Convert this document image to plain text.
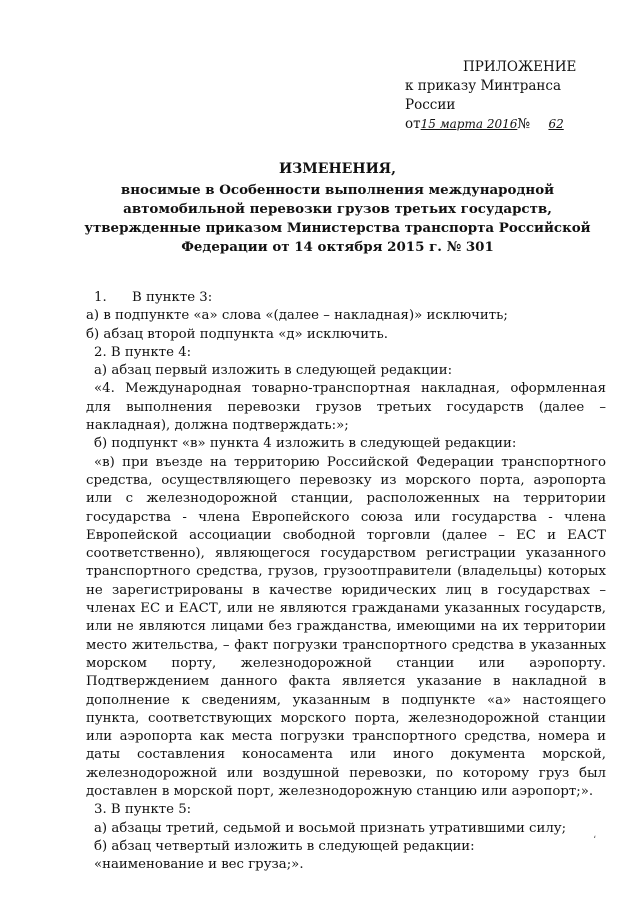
ПРИЛОЖЕНИЕ
к приказу Минтранса России
от15 марта 2016№ 62
ИЗМЕНЕНИЯ,
вносимые в Особенности выполнения международной автомобильной перевозки грузов третьих государств, утвержденные приказом Министерства транспорта Российской Федерации от 14 октября 2015 г. № 301

1. В пункте 3:

а) в подпункте «а» слова «(далее – накладная)» исключить;

б) абзац второй подпункта «д» исключить.

2. В пункте 4:

а) абзац первый изложить в следующей редакции:

«4. Международная товарно-транспортная накладная, оформленная для выполнения перевозки грузов третьих государств (далее – накладная), должна подтверждать:»;

б) подпункт «в» пункта 4 изложить в следующей редакции:

«в) при въезде на территорию Российской Федерации транспортного средства, осуществляющего перевозку из морского порта, аэропорта или с железнодорожной станции, расположенных на территории государства - члена Европейского союза или государства - члена Европейской ассоциации свободной торговли (далее – ЕС и ЕАСТ соответственно), являющегося государством регистрации указанного транспортного средства, грузов, грузоотправители (владельцы) которых не зарегистрированы в качестве юридических лиц в государствах – членах ЕС и ЕАСТ, или не являются гражданами указанных государств, или не являются лицами без гражданства, имеющими на их территории место жительства, – факт погрузки транспортного средства в указанных морском порту, железнодорожной станции или аэропорту. Подтверждением данного факта является указание в накладной в дополнение к сведениям, указанным в подпункте «а» настоящего пункта, соответствующих морского порта, железнодорожной станции или аэропорта как места погрузки транспортного средства, номера и даты составления коносамента или иного документа морской, железнодорожной или воздушной перевозки, по которому груз был доставлен в морской порт, железнодорожную станцию или аэропорт;».

3. В пункте 5:

а) абзацы третий, седьмой и восьмой признать утратившими силу;

б) абзац четвертый изложить в следующей редакции:

«наименование и вес груза;».

،
